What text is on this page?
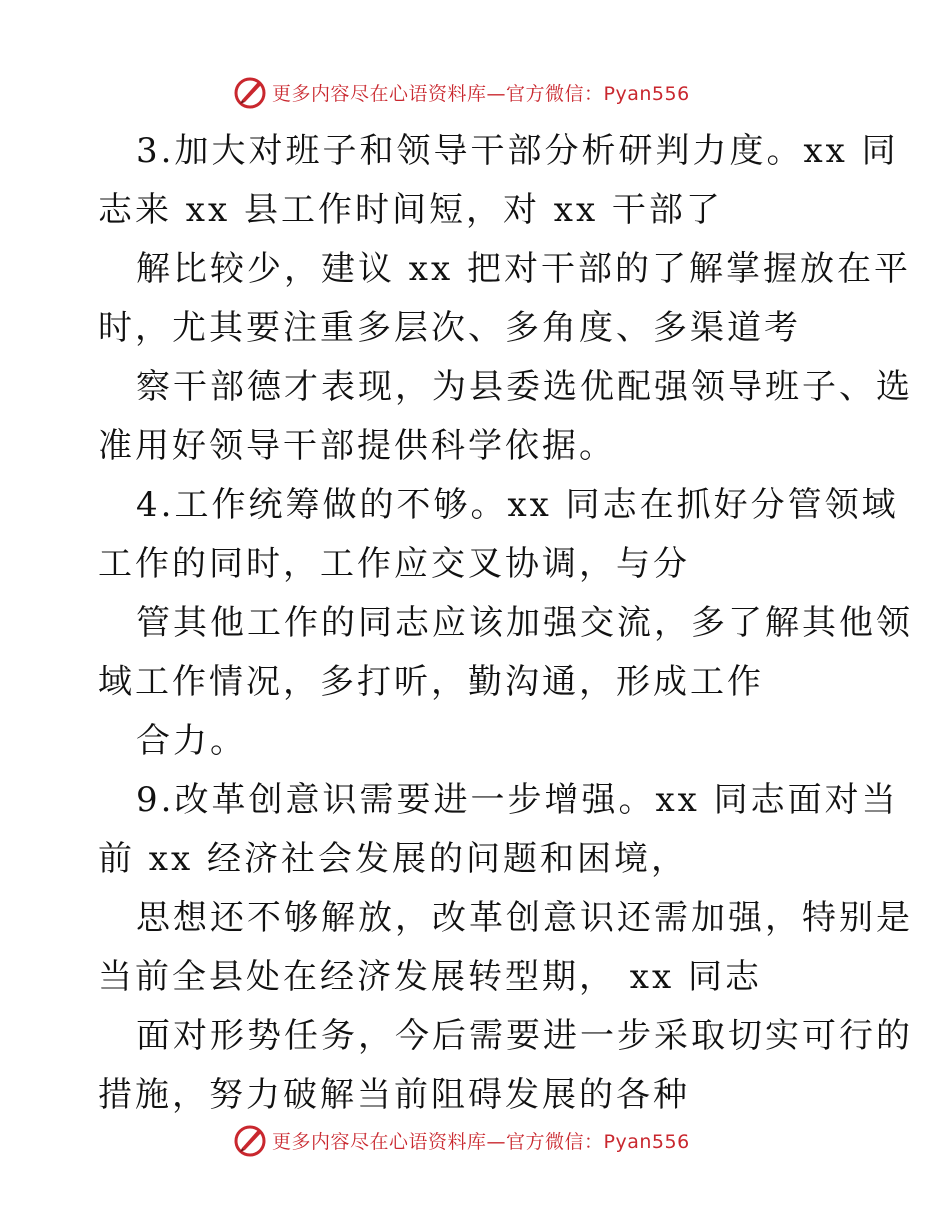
更多内容尽在心语资料库—官方微信：Pyan556
3.加大对班子和领导干部分析研判力度。xx 同
志来 xx 县工作时间短，对 xx 干部了
解比较少，建议 xx 把对干部的了解掌握放在平
时，尤其要注重多层次、多角度、多渠道考
察干部德才表现，为县委选优配强领导班子、选
准用好领导干部提供科学依据。
4.工作统筹做的不够。xx 同志在抓好分管领域
工作的同时，工作应交叉协调，与分
管其他工作的同志应该加强交流，多了解其他领
域工作情况，多打听，勤沟通，形成工作
合力。
9.改革创意识需要进一步增强。xx 同志面对当
前 xx 经济社会发展的问题和困境，
思想还不够解放，改革创意识还需加强，特别是
当前全县处在经济发展转型期， xx 同志
面对形势任务，今后需要进一步采取切实可行的
措施，努力破解当前阻碍发展的各种
更多内容尽在心语资料库—官方微信：Pyan556
